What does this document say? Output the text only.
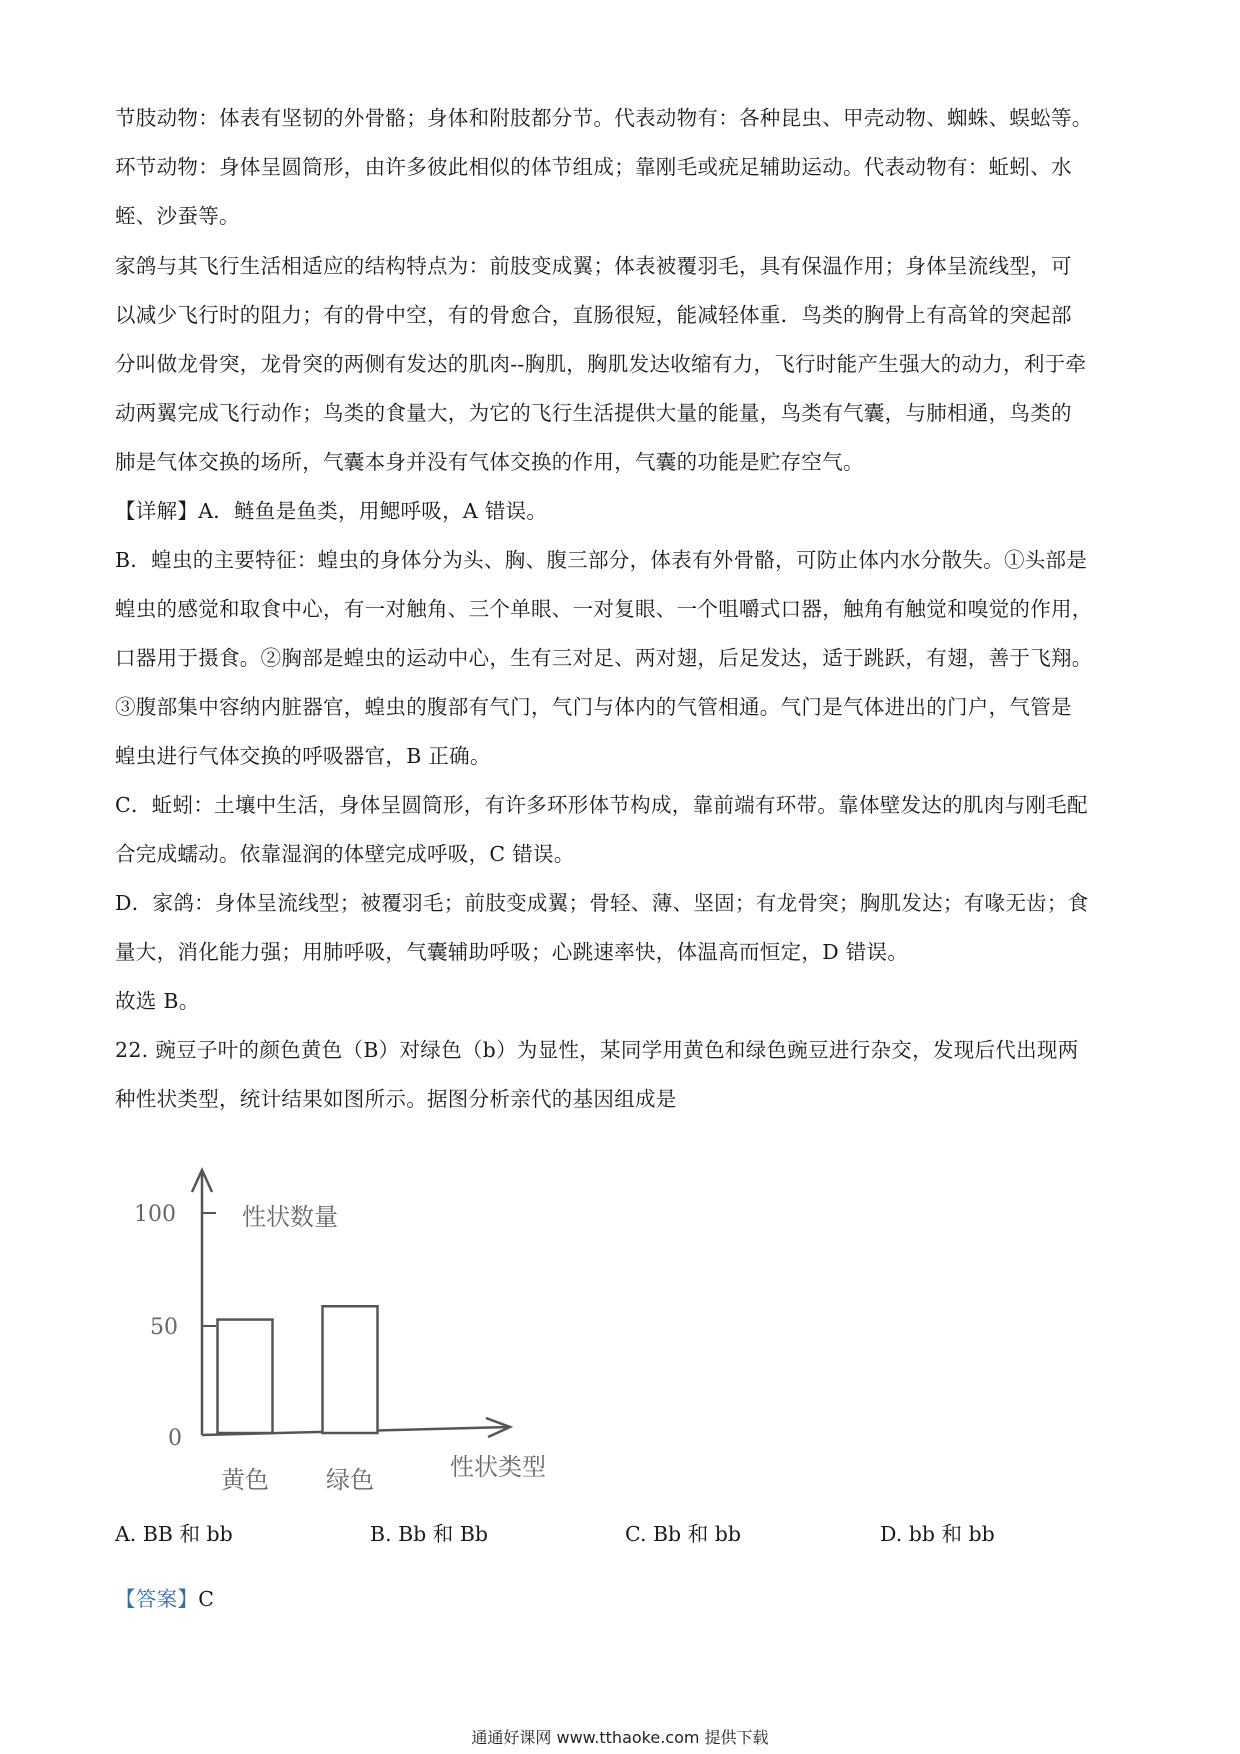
节肢动物：体表有坚韧的外骨骼；身体和附肢都分节。代表动物有：各种昆虫、甲壳动物、蜘蛛、蜈蚣等。
环节动物：身体呈圆筒形，由许多彼此相似的体节组成；靠刚毛或疣足辅助运动。代表动物有：蚯蚓、水
蛭、沙蚕等。
家鸽与其飞行生活相适应的结构特点为：前肢变成翼；体表被覆羽毛，具有保温作用；身体呈流线型，可
以减少飞行时的阻力；有的骨中空，有的骨愈合，直肠很短，能减轻体重．鸟类的胸骨上有高耸的突起部
分叫做龙骨突，龙骨突的两侧有发达的肌肉--胸肌，胸肌发达收缩有力，飞行时能产生强大的动力，利于牵
动两翼完成飞行动作；鸟类的食量大，为它的飞行生活提供大量的能量，鸟类有气囊，与肺相通，鸟类的
肺是气体交换的场所，气囊本身并没有气体交换的作用，气囊的功能是贮存空气。
【详解】A．鲢鱼是鱼类，用鳃呼吸，A 错误。
B．蝗虫的主要特征：蝗虫的身体分为头、胸、腹三部分，体表有外骨骼，可防止体内水分散失。①头部是
蝗虫的感觉和取食中心，有一对触角、三个单眼、一对复眼、一个咀嚼式口器，触角有触觉和嗅觉的作用，
口器用于摄食。②胸部是蝗虫的运动中心，生有三对足、两对翅，后足发达，适于跳跃，有翅，善于飞翔。
③腹部集中容纳内脏器官，蝗虫的腹部有气门，气门与体内的气管相通。气门是气体进出的门户，气管是
蝗虫进行气体交换的呼吸器官，B 正确。
C．蚯蚓：土壤中生活，身体呈圆筒形，有许多环形体节构成，靠前端有环带。靠体壁发达的肌肉与刚毛配
合完成蠕动。依靠湿润的体壁完成呼吸，C 错误。
D．家鸽：身体呈流线型；被覆羽毛；前肢变成翼；骨轻、薄、坚固；有龙骨突；胸肌发达；有喙无齿；食
量大，消化能力强；用肺呼吸，气囊辅助呼吸；心跳速率快，体温高而恒定，D 错误。
故选 B。
22. 豌豆子叶的颜色黄色（B）对绿色（b）为显性，某同学用黄色和绿色豌豆进行杂交，发现后代出现两
种性状类型，统计结果如图所示。据图分析亲代的基因组成是
100
50
0
性状数量
性状类型
黄色 绿色
A. BB 和 bb	B. Bb 和 Bb	C. Bb 和 bb	D. bb 和 bb
【答案】C
通通好课网 www.tthaoke.com 提供下载
